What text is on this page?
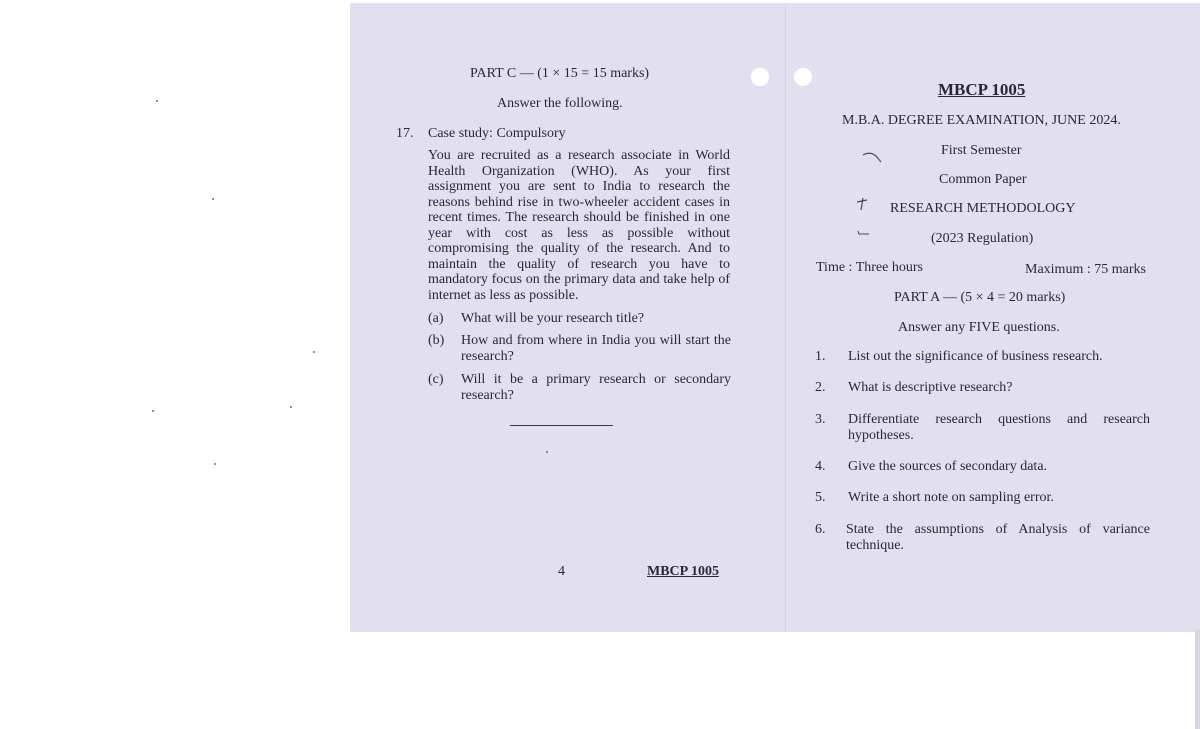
PART C — (1 × 15 = 15 marks)
Answer the following.
17. Case study: Compulsory
You are recruited as a research associate in World Health Organization (WHO). As your first assignment you are sent to India to research the reasons behind rise in two-wheeler accident cases in recent times. The research should be finished in one year with cost as less as possible without compromising the quality of the research. And to maintain the quality of research you have to mandatory focus on the primary data and take help of internet as less as possible.
(a) What will be your research title?
(b) How and from where in India you will start the research?
(c) Will it be a primary research or secondary research?
4	MBCP 1005
MBCP 1005
M.B.A. DEGREE EXAMINATION, JUNE 2024.
First Semester
Common Paper
RESEARCH METHODOLOGY
(2023 Regulation)
Time : Three hours	Maximum : 75 marks
PART A — (5 × 4 = 20 marks)
Answer any FIVE questions.
1. List out the significance of business research.
2. What is descriptive research?
3. Differentiate research questions and research hypotheses.
4. Give the sources of secondary data.
5. Write a short note on sampling error.
6. State the assumptions of Analysis of variance technique.
